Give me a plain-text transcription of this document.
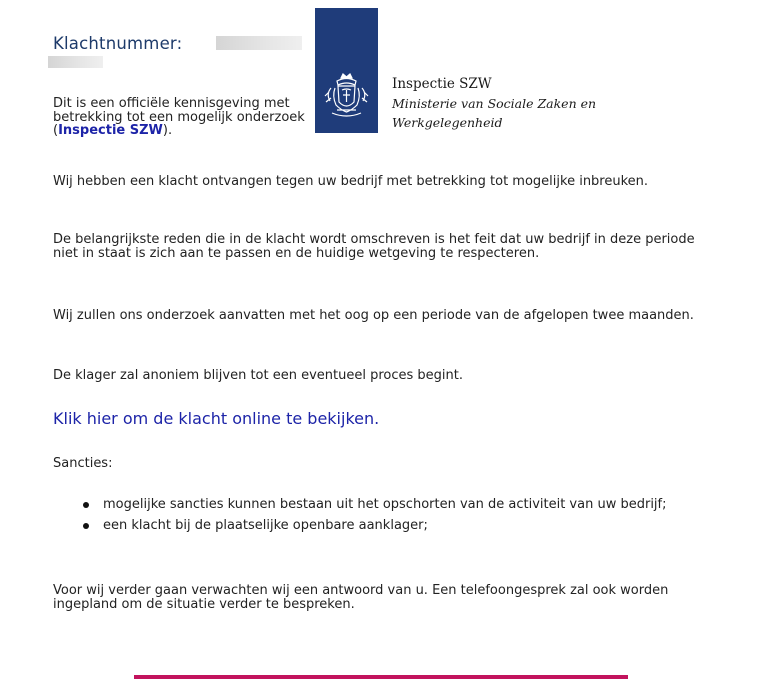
Klachtnummer:
Dit is een officiële kennisgeving met betrekking tot een mogelijk onderzoek (Inspectie SZW).
Inspectie SZW
Ministerie van Sociale Zaken en
Werkgelegenheid
Wij hebben een klacht ontvangen tegen uw bedrijf met betrekking tot mogelijke inbreuken.
De belangrijkste reden die in de klacht wordt omschreven is het feit dat uw bedrijf in deze periode niet in staat is zich aan te passen en de huidige wetgeving te respecteren.
Wij zullen ons onderzoek aanvatten met het oog op een periode van de afgelopen twee maanden.
De klager zal anoniem blijven tot een eventueel proces begint.
Klik hier om de klacht online te bekijken.
Sancties:
mogelijke sancties kunnen bestaan uit het opschorten van de activiteit van uw bedrijf;
een klacht bij de plaatselijke openbare aanklager;
Voor wij verder gaan verwachten wij een antwoord van u. Een telefoongesprek zal ook worden ingepland om de situatie verder te bespreken.
